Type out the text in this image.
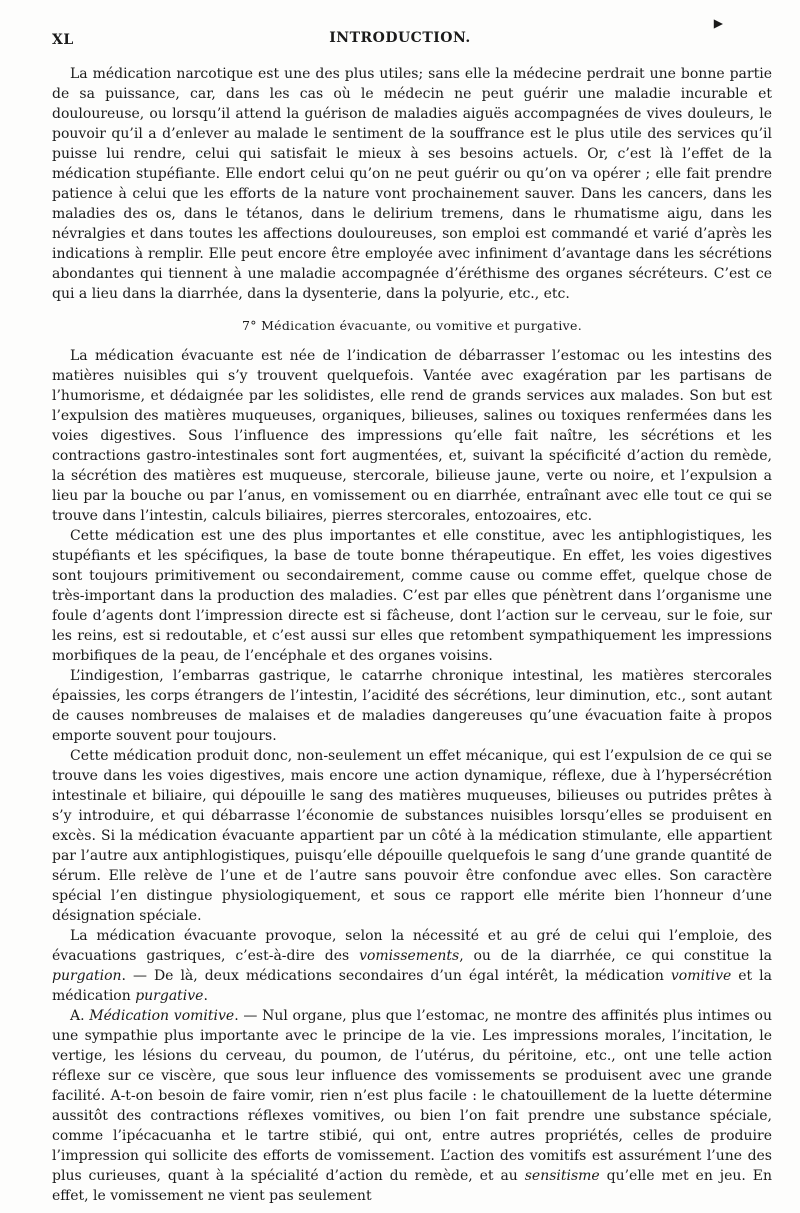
XL	INTRODUCTION.
▼

La médication narcotique est une des plus utiles; sans elle la médecine perdrait une bonne partie de sa puissance, car, dans les cas où le médecin ne peut guérir une maladie incurable et douloureuse, ou lorsqu’il attend la guérison de maladies aiguës accompagnées de vives douleurs, le pouvoir qu’il a d’enlever au malade le sentiment de la souffrance est le plus utile des services qu’il puisse lui rendre, celui qui satisfait le mieux à ses besoins actuels. Or, c’est là l’effet de la médication stupéfiante. Elle endort celui qu’on ne peut guérir ou qu’on va opérer ; elle fait prendre patience à celui que les efforts de la nature vont prochainement sauver. Dans les cancers, dans les maladies des os, dans le tétanos, dans le delirium tremens, dans le rhumatisme aigu, dans les névralgies et dans toutes les affections douloureuses, son emploi est commandé et varié d’après les indications à remplir. Elle peut encore être employée avec infiniment d’avantage dans les sécrétions abondantes qui tiennent à une maladie accompagnée d’éréthisme des organes sécréteurs. C’est ce qui a lieu dans la diarrhée, dans la dysenterie, dans la polyurie, etc., etc.

7° Médication évacuante, ou vomitive et purgative.

La médication évacuante est née de l’indication de débarrasser l’estomac ou les intestins des matières nuisibles qui s’y trouvent quelquefois. Vantée avec exagération par les partisans de l’humorisme, et dédaignée par les solidistes, elle rend de grands services aux malades. Son but est l’expulsion des matières muqueuses, organiques, bilieuses, salines ou toxiques renfermées dans les voies digestives. Sous l’influence des impressions qu’elle fait naître, les sécrétions et les contractions gastro-intestinales sont fort augmentées, et, suivant la spécificité d’action du remède, la sécrétion des matières est muqueuse, stercorale, bilieuse jaune, verte ou noire, et l’expulsion a lieu par la bouche ou par l’anus, en vomissement ou en diarrhée, entraînant avec elle tout ce qui se trouve dans l’intestin, calculs biliaires, pierres stercorales, entozoaires, etc.

Cette médication est une des plus importantes et elle constitue, avec les antiphlogistiques, les stupéfiants et les spécifiques, la base de toute bonne thérapeutique. En effet, les voies digestives sont toujours primitivement ou secondairement, comme cause ou comme effet, quelque chose de très-important dans la production des maladies. C’est par elles que pénètrent dans l’organisme une foule d’agents dont l’impression directe est si fâcheuse, dont l’action sur le cerveau, sur le foie, sur les reins, est si redoutable, et c’est aussi sur elles que retombent sympathiquement les impressions morbifiques de la peau, de l’encéphale et des organes voisins.

L’indigestion, l’embarras gastrique, le catarrhe chronique intestinal, les matières stercorales épaissies, les corps étrangers de l’intestin, l’acidité des sécrétions, leur diminution, etc., sont autant de causes nombreuses de malaises et de maladies dangereuses qu’une évacuation faite à propos emporte souvent pour toujours.

Cette médication produit donc, non-seulement un effet mécanique, qui est l’expulsion de ce qui se trouve dans les voies digestives, mais encore une action dynamique, réflexe, due à l’hypersécrétion intestinale et biliaire, qui dépouille le sang des matières muqueuses, bilieuses ou putrides prêtes à s’y introduire, et qui débarrasse l’économie de substances nuisibles lorsqu’elles se produisent en excès. Si la médication évacuante appartient par un côté à la médication stimulante, elle appartient par l’autre aux antiphlogistiques, puisqu’elle dépouille quelquefois le sang d’une grande quantité de sérum. Elle relève de l’une et de l’autre sans pouvoir être confondue avec elles. Son caractère spécial l’en distingue physiologiquement, et sous ce rapport elle mérite bien l’honneur d’une désignation spéciale.

La médication évacuante provoque, selon la nécessité et au gré de celui qui l’emploie, des évacuations gastriques, c’est-à-dire des vomissements, ou de la diarrhée, ce qui constitue la purgation. — De là, deux médications secondaires d’un égal intérêt, la médication vomitive et la médication purgative.

A. Médication vomitive. — Nul organe, plus que l’estomac, ne montre des affinités plus intimes ou une sympathie plus importante avec le principe de la vie. Les impressions morales, l’incitation, le vertige, les lésions du cerveau, du poumon, de l’utérus, du péritoine, etc., ont une telle action réflexe sur ce viscère, que sous leur influence des vomissements se produisent avec une grande facilité. A-t-on besoin de faire vomir, rien n’est plus facile : le chatouillement de la luette détermine aussitôt des contractions réflexes vomitives, ou bien l’on fait prendre une substance spéciale, comme l’ipécacuanha et le tartre stibié, qui ont, entre autres propriétés, celles de produire l’impression qui sollicite des efforts de vomissement. L’action des vomitifs est assurément l’une des plus curieuses, quant à la spécialité d’action du remède, et au sensitisme qu’elle met en jeu. En effet, le vomissement ne vient pas seulement
